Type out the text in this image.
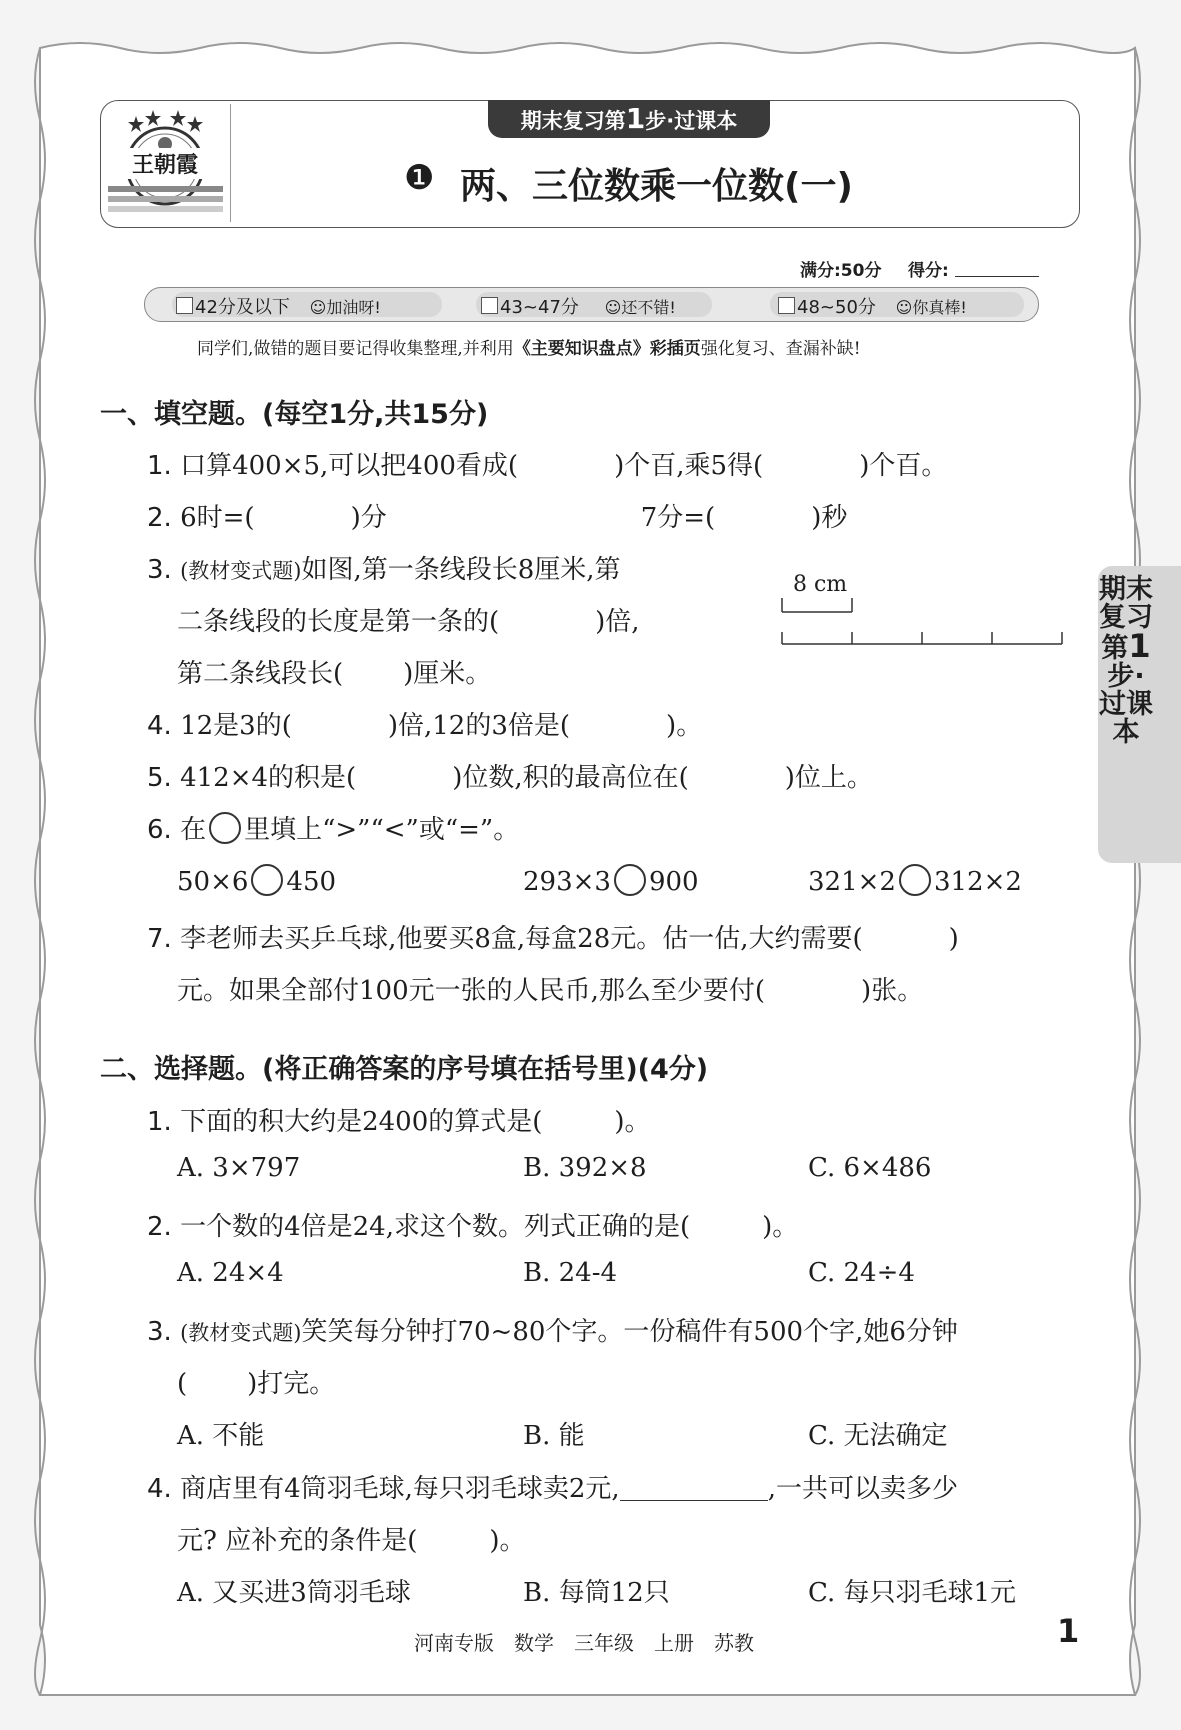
王朝霞
期末复习第1步·过课本
❶ 两、三位数乘一位数(一)
满分:50分 得分:
42分及以下 ☺加油呀!	43~47分 ☺还不错!	48~50分 ☺你真棒!
同学们,做错的题目要记得收集整理,并利用《主要知识盘点》彩插页强化复习、查漏补缺!
一、填空题。(每空1分,共15分)
1. 口算400×5,可以把400看成(	)个百,乘5得(	)个百。
2. 6时=(	)分	7分=(	)秒
3. (教材变式题)如图,第一条线段长8厘米,第
二条线段的长度是第一条的(	)倍,
第二条线段长( )厘米。
8 cm
4. 12是3的(	)倍,12的3倍是(	)。
5. 412×4的积是(	)位数,积的最高位在(	)位上。
6. 在 里填上“>”“<”或“=”。
50×6 450	293×3 900	321×2 312×2
7. 李老师去买乒乓球,他要买8盒,每盒28元。估一估,大约需要(	)
元。如果全部付100元一张的人民币,那么至少要付(	)张。
二、选择题。(将正确答案的序号填在括号里)(4分)
1. 下面的积大约是2400的算式是(	)。
A. 3×797	B. 392×8	C. 6×486
2. 一个数的4倍是24,求这个数。列式正确的是(	)。
A. 24×4	B. 24-4	C. 24÷4
3. (教材变式题)笑笑每分钟打70~80个字。一份稿件有500个字,她6分钟
( )打完。
A. 不能	B. 能	C. 无法确定
4. 商店里有4筒羽毛球,每只羽毛球卖2元,	,一共可以卖多少
元? 应补充的条件是(	)。
A. 又买进3筒羽毛球	B. 每筒12只	C. 每只羽毛球1元
期末复习第1步·过课本
河南专版　数学　三年级　上册　苏教	1
